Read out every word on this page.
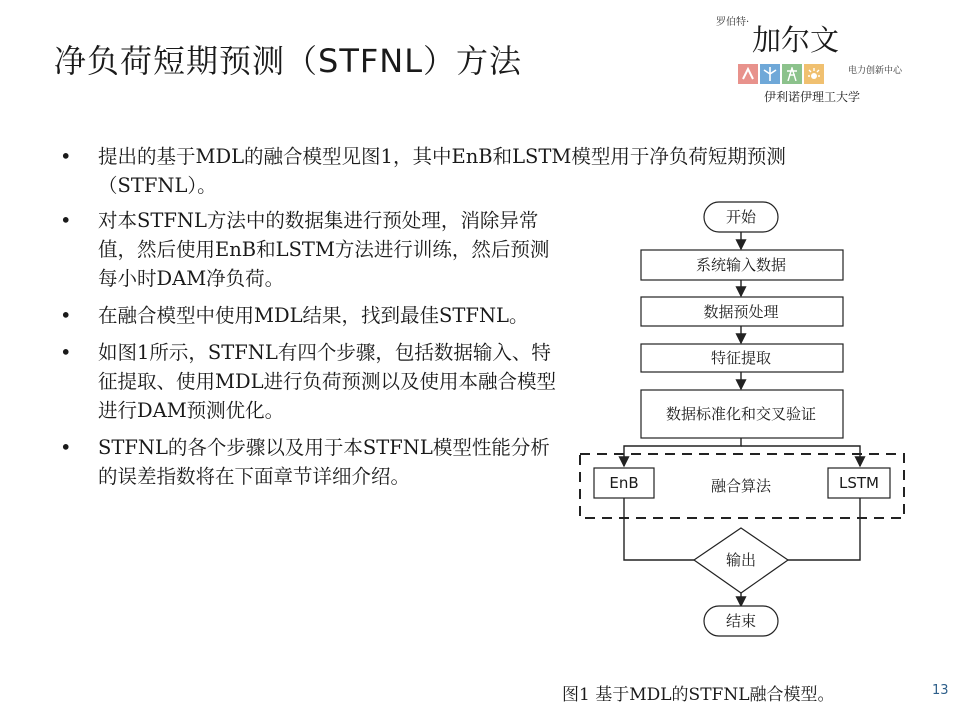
净负荷短期预测（STFNL）方法
罗伯特·
加尔文
电力创新中心
伊利诺伊理工大学
• 提出的基于MDL的融合模型见图1，其中EnB和LSTM模型用于净负荷短期预测（STFNL）。
• 对本STFNL方法中的数据集进行预处理，消除异常值，然后使用EnB和LSTM方法进行训练，然后预测每小时DAM净负荷。
• 在融合模型中使用MDL结果，找到最佳STFNL。
• 如图1所示，STFNL有四个步骤，包括数据输入、特征提取、使用MDL进行负荷预测以及使用本融合模型进行DAM预测优化。
• STFNL的各个步骤以及用于本STFNL模型性能分析的误差指数将在下面章节详细介绍。
开始
系统输入数据
数据预处理
特征提取
数据标准化和交叉验证
EnB	融合算法	LSTM
输出
结束
图1 基于MDL的STFNL融合模型。	13
